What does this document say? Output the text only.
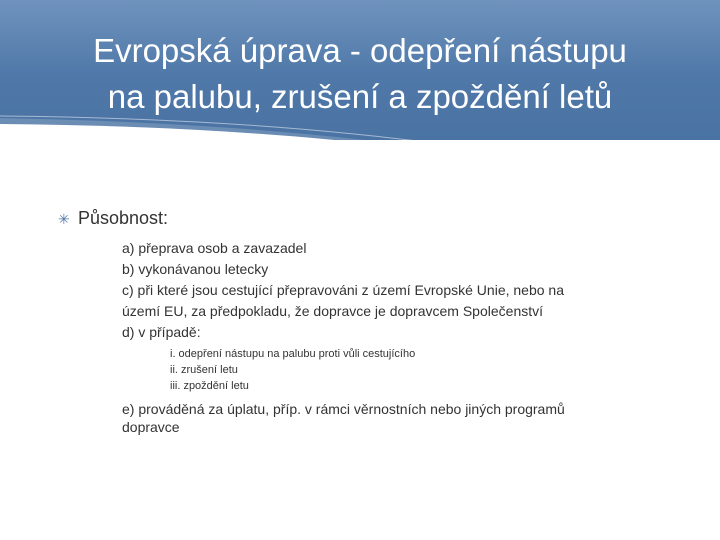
Evropská úprava - odepření nástupu
na palubu, zrušení a zpoždění letů

✳ Působnost:

a) přeprava osob a zavazadel
b) vykonávanou letecky
c) při které jsou cestující přepravováni z území Evropské Unie, nebo na
území EU, za předpokladu, že dopravce je dopravcem Společenství
d) v případě:
i. odepření nástupu na palubu proti vůli cestujícího
ii. zrušení letu
iii. zpoždění letu
e) prováděná za úplatu, příp. v rámci věrnostních nebo jiných programů
dopravce
